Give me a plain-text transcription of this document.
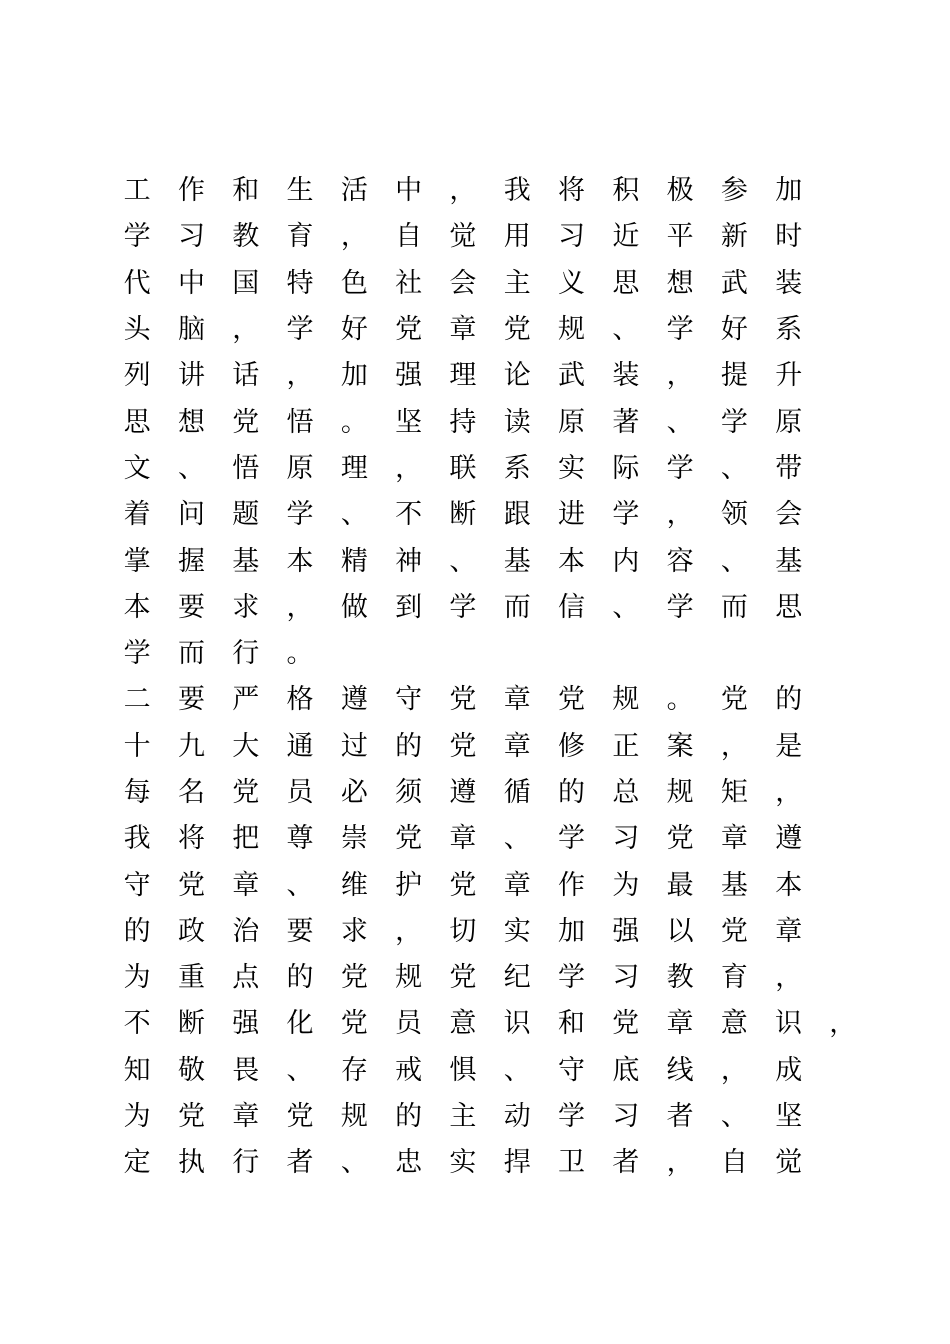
工	作	和	生	活	中	，	我	将	积	极	参	加
学	习	教	育	，	自	觉	用	习	近	平	新	时
代	中	国	特	色	社	会	主	义	思	想	武	装
头	脑	，	学	好	党	章	党	规	、	学	好	系
列	讲	话	，	加	强	理	论	武	装	，	提	升
思	想	党	悟	。	坚	持	读	原	著	、	学	原
文	、	悟	原	理	，	联	系	实	际	学	、	带
着	问	题	学	、	不	断	跟	进	学	，	领	会
掌	握	基	本	精	神	、	基	本	内	容	、	基
本	要	求	，	做	到	学	而	信	、	学	而	思
学	而	行	。
二	要	严	格	遵	守	党	章	党	规	。	党	的
十	九	大	通	过	的	党	章	修	正	案	，	是
每	名	党	员	必	须	遵	循	的	总	规	矩	，
我	将	把	尊	崇	党	章	、	学	习	党	章	遵
守	党	章	、	维	护	党	章	作	为	最	基	本
的	政	治	要	求	，	切	实	加	强	以	党	章
为	重	点	的	党	规	党	纪	学	习	教	育	，
不	断	强	化	党	员	意	识	和	党	章	意	识	，
知	敬	畏	、	存	戒	惧	、	守	底	线	，	成
为	党	章	党	规	的	主	动	学	习	者	、	坚
定	执	行	者	、	忠	实	捍	卫	者	，	自	觉
